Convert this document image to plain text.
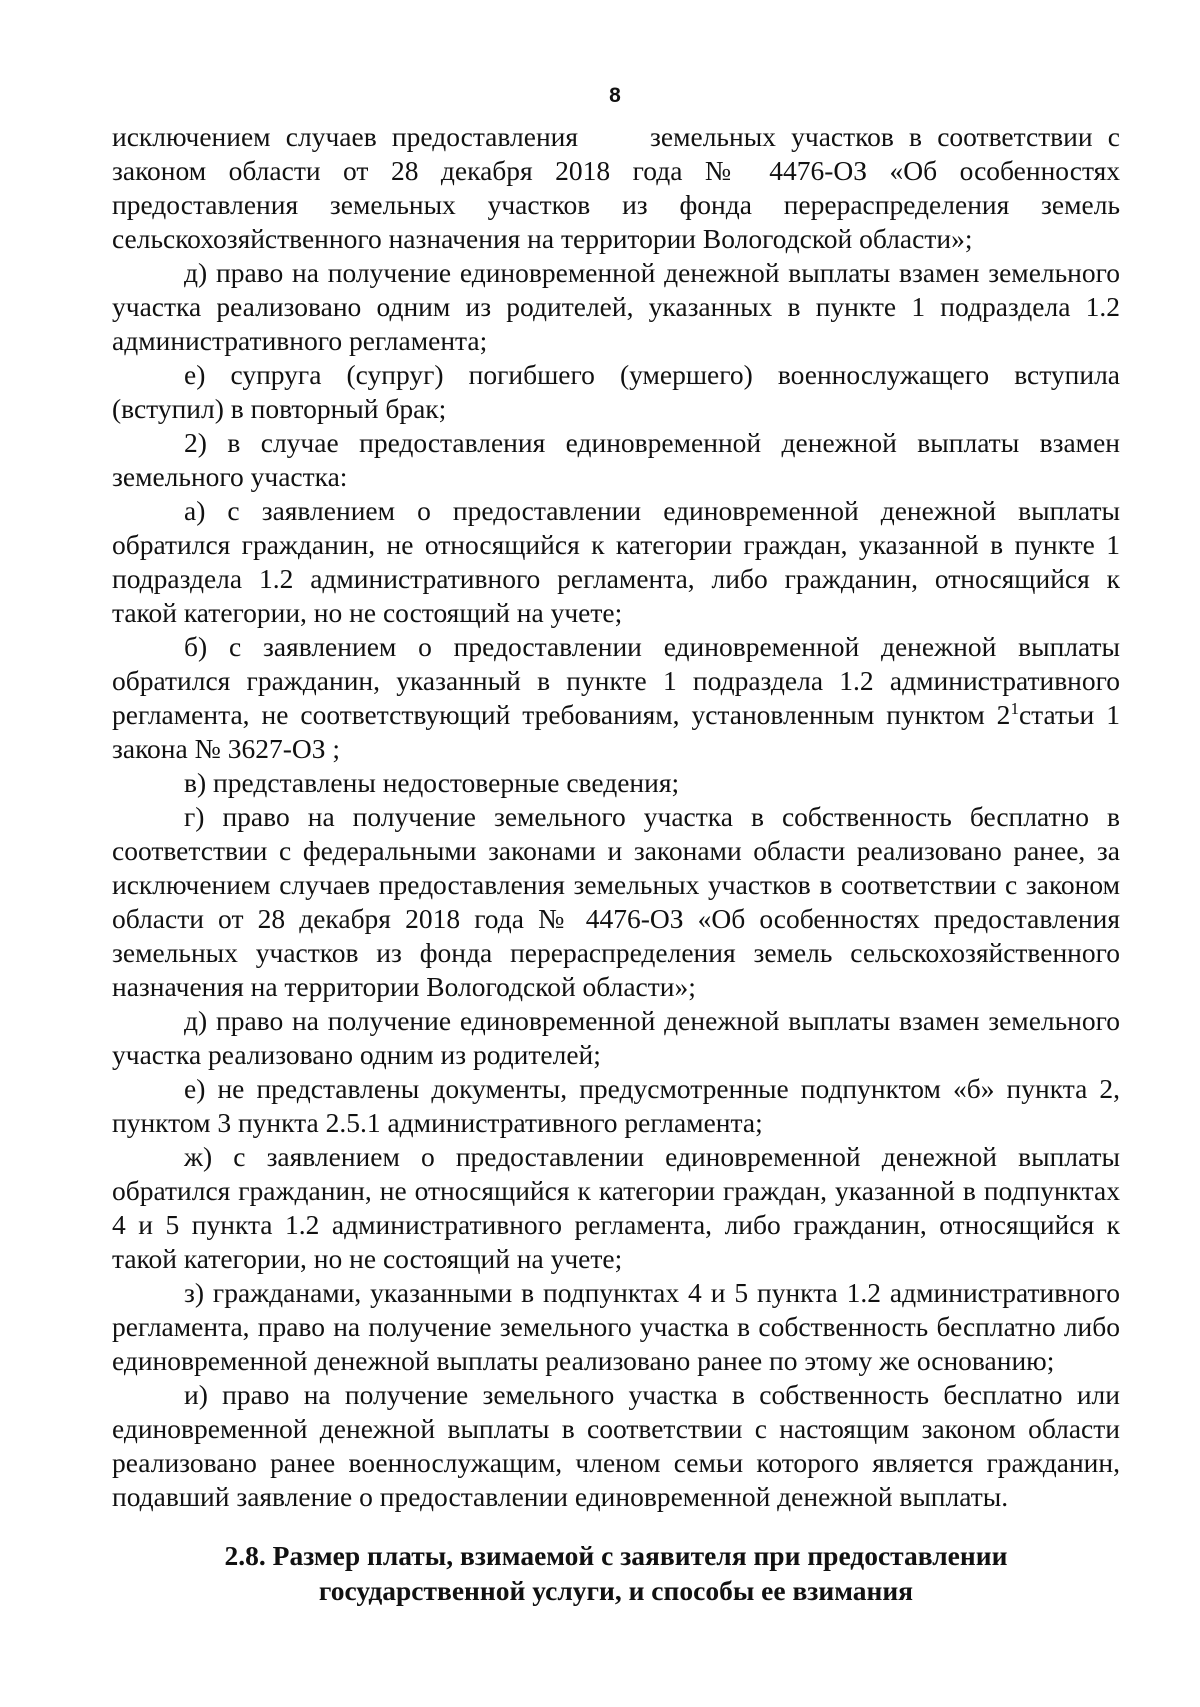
8

исключением случаев предоставления	земельных участков в соответствии с законом области от 28 декабря 2018 года № 4476-ОЗ «Об особенностях предоставления земельных участков из фонда перераспределения земель сельскохозяйственного назначения на территории Вологодской области»;

д) право на получение единовременной денежной выплаты взамен земельного участка реализовано одним из родителей, указанных в пункте 1 подраздела 1.2 административного регламента;

е) супруга (супруг) погибшего (умершего) военнослужащего вступила (вступил) в повторный брак;

2) в случае предоставления единовременной денежной выплаты взамен земельного участка:

а) с заявлением о предоставлении единовременной денежной выплаты обратился гражданин, не относящийся к категории граждан, указанной в пункте 1 подраздела 1.2 административного регламента, либо гражданин, относящийся к такой категории, но не состоящий на учете;

б) с заявлением о предоставлении единовременной денежной выплаты обратился гражданин, указанный в пункте 1 подраздела 1.2 административного регламента, не соответствующий требованиям, установленным пунктом $2^1статьи$ 1 закона № 3627-ОЗ ;

в) представлены недостоверные сведения;

г) право на получение земельного участка в собственность бесплатно в соответствии с федеральными законами и законами области реализовано ранее, за исключением случаев предоставления земельных участков в соответствии с законом области от 28 декабря 2018 года № 4476-ОЗ «Об особенностях предоставления земельных участков из фонда перераспределения земель сельскохозяйственного назначения на территории Вологодской области»;

д) право на получение единовременной денежной выплаты взамен земельного участка реализовано одним из родителей;

е) не представлены документы, предусмотренные подпунктом «б» пункта 2, пунктом 3 пункта 2.5.1 административного регламента;

ж) с заявлением о предоставлении единовременной денежной выплаты обратился гражданин, не относящийся к категории граждан, указанной в подпунктах 4 и 5 пункта 1.2 административного регламента, либо гражданин, относящийся к такой категории, но не состоящий на учете;

з) гражданами, указанными в подпунктах 4 и 5 пункта 1.2 административного регламента, право на получение земельного участка в собственность бесплатно либо единовременной денежной выплаты реализовано ранее по этому же основанию;

и) право на получение земельного участка в собственность бесплатно или единовременной денежной выплаты в соответствии с настоящим законом области реализовано ранее военнослужащим, членом семьи которого является гражданин, подавший заявление о предоставлении единовременной денежной выплаты.

2.8. Размер платы, взимаемой с заявителя при предоставлении
государственной услуги, и способы ее взимания
